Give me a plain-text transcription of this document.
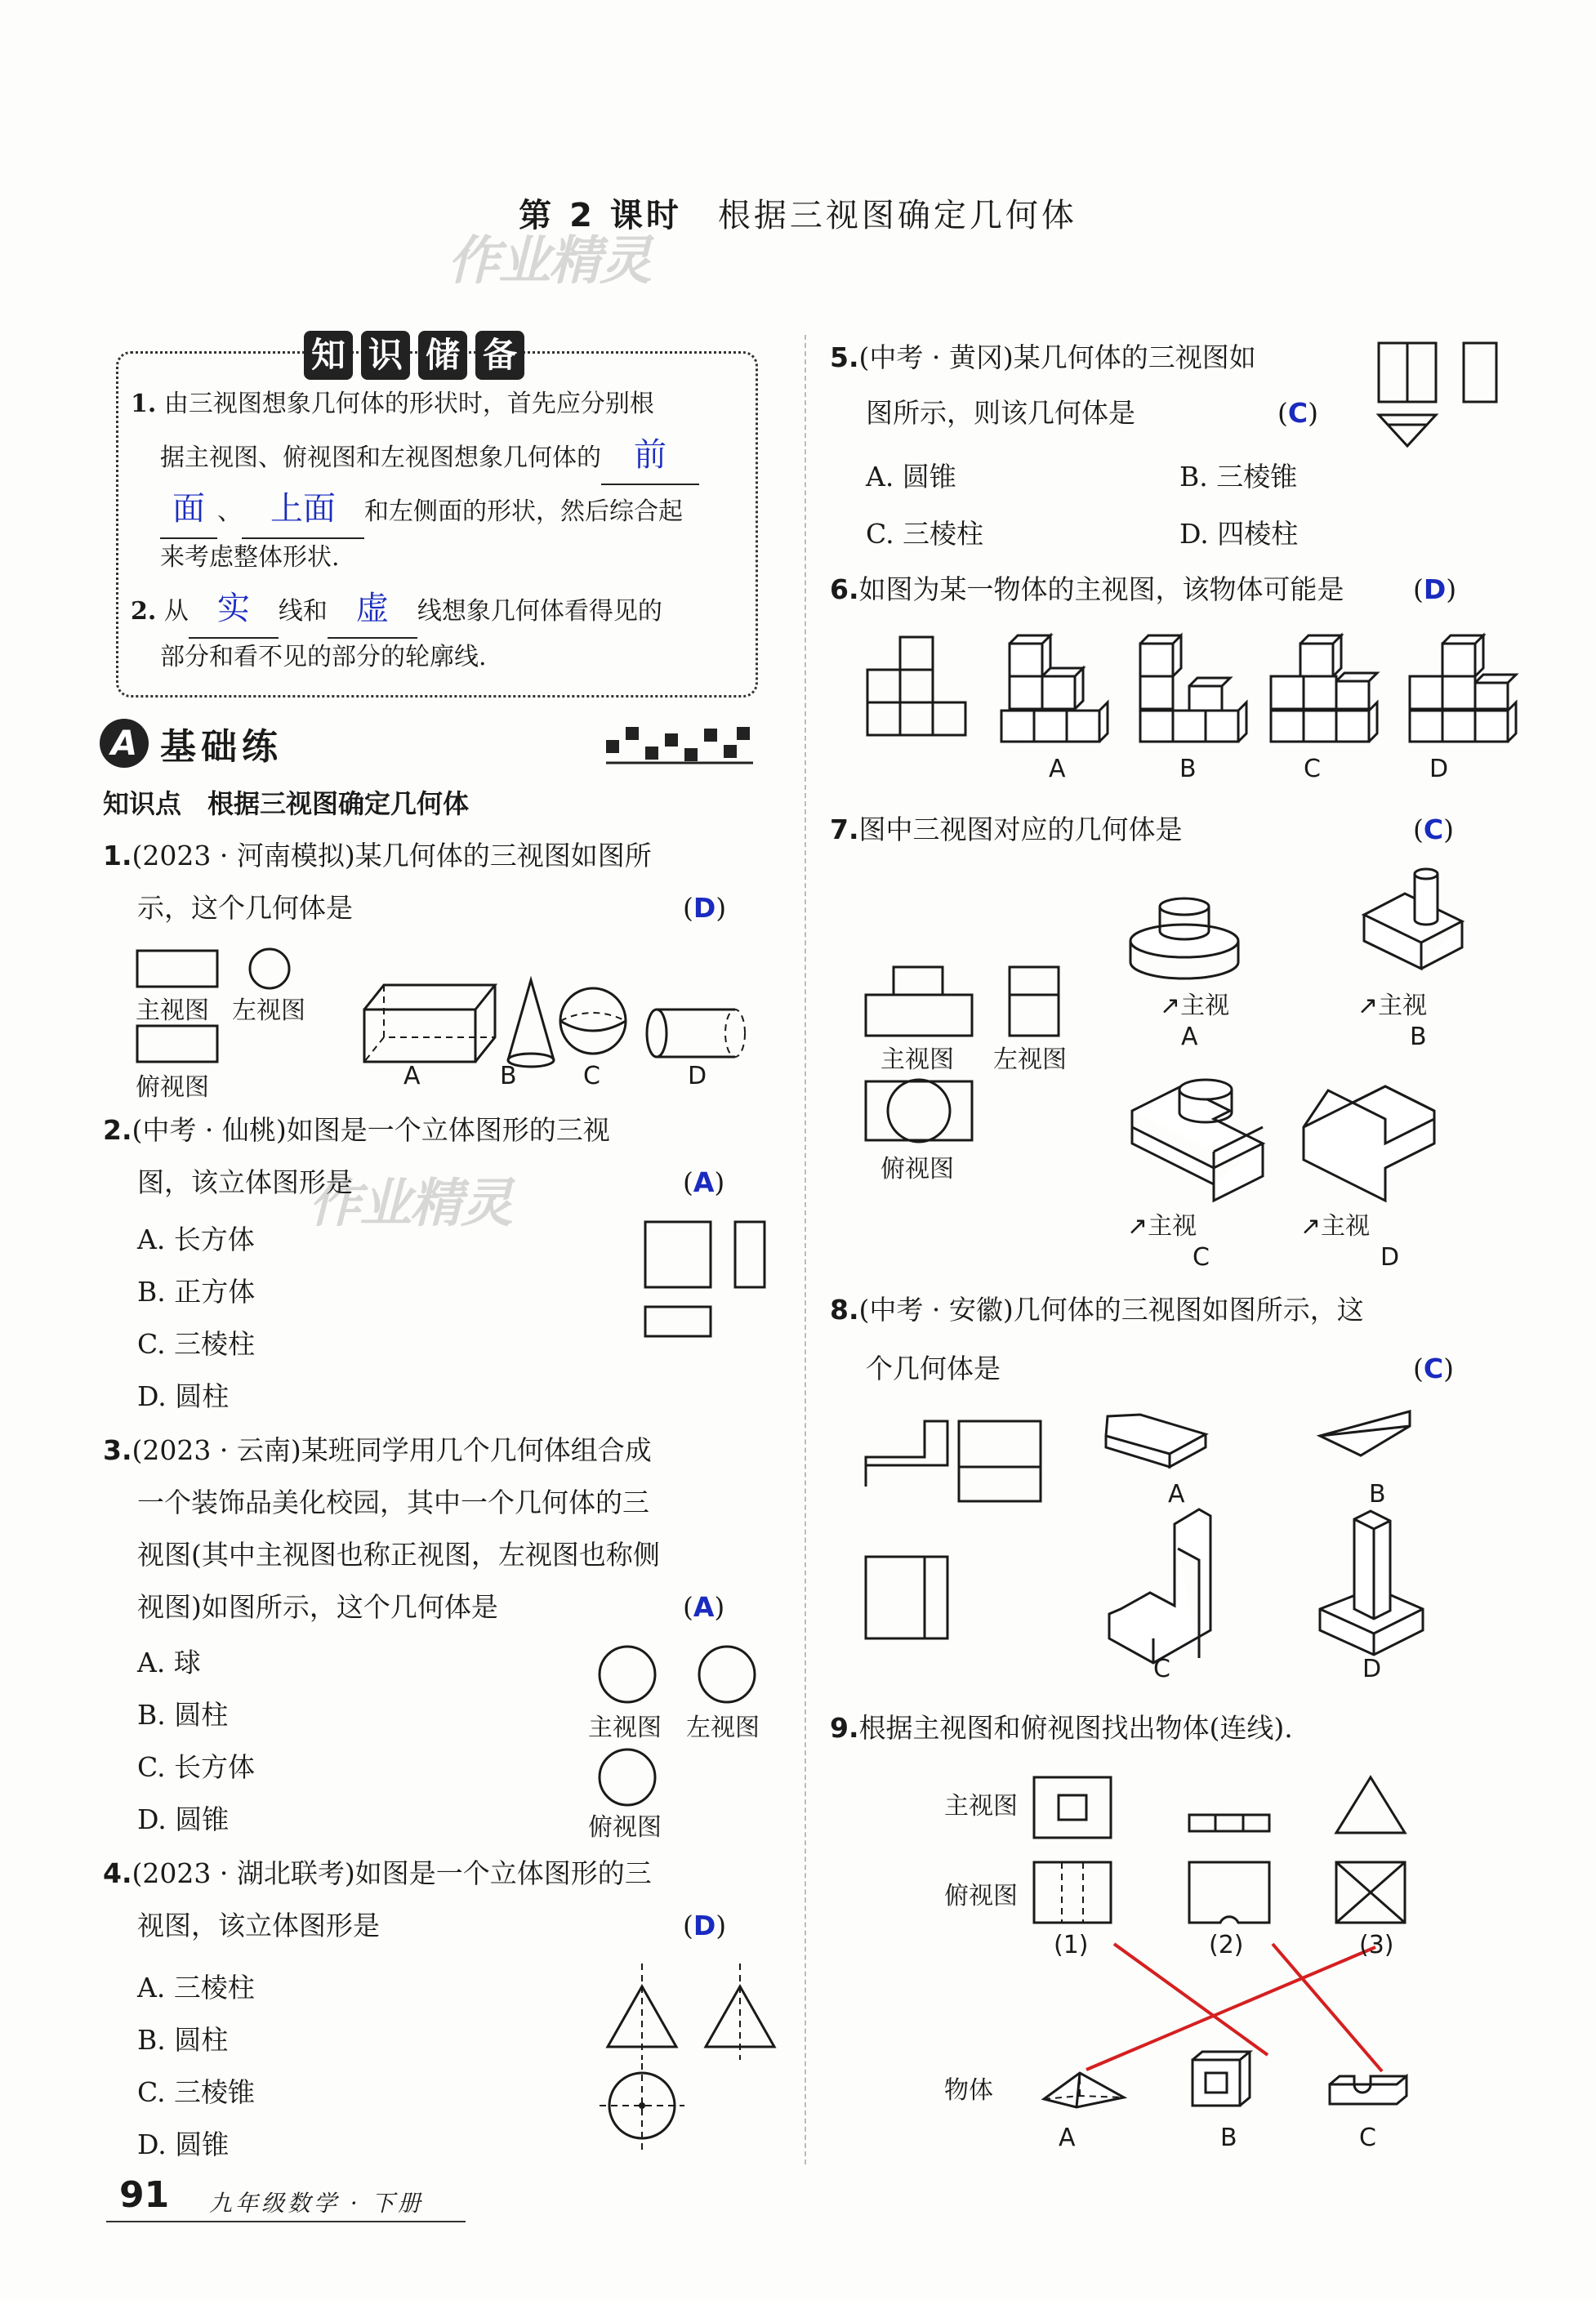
第 2 课时　 根据三视图确定几何体
作业精灵
作业精灵
知 识 储 备
1. 由三视图想象几何体的形状时，首先应分别根
据主视图、俯视图和左视图想象几何体的 前
面 、 上面 和左侧面的形状，然后综合起
来考虑整体形状.
2. 从 实 线和 虚 线想象几何体看得见的
部分和看不见的部分的轮廓线.
A 基础练
知识点　根据三视图确定几何体
1.(2023 · 河南模拟)某几何体的三视图如图所
示，这个几何体是	(D)
主视图 左视图
俯视图	A	B	C	D
2.(中考 · 仙桃)如图是一个立体图形的三视
图，该立体图形是	(A)
A. 长方体
B. 正方体
C. 三棱柱
D. 圆柱
3.(2023 · 云南)某班同学用几个几何体组合成
一个装饰品美化校园，其中一个几何体的三
视图(其中主视图也称正视图，左视图也称侧
视图)如图所示，这个几何体是	(A)
A. 球
B. 圆柱
C. 长方体
D. 圆锥
主视图 左视图
俯视图
4.(2023 · 湖北联考)如图是一个立体图形的三
视图，该立体图形是	(D)
A. 三棱柱
B. 圆柱
C. 三棱锥
D. 圆锥
5.(中考 · 黄冈)某几何体的三视图如
图所示，则该几何体是	(C)
A. 圆锥	B. 三棱锥
C. 三棱柱	D. 四棱柱
6.如图为某一物体的主视图，该物体可能是	(D)
A	B	C	D
7.图中三视图对应的几何体是	(C)
↗主视
A
↗主视
B
主视图 左视图
俯视图
↗主视
C
↗主视
D
8.(中考 · 安徽)几何体的三视图如图所示，这
个几何体是	(C)
A	B
C	D
9.根据主视图和俯视图找出物体(连线).
主视图
俯视图
物体
(1)	(2)	(3)
A	B	C
91 九年级数学 · 下册
